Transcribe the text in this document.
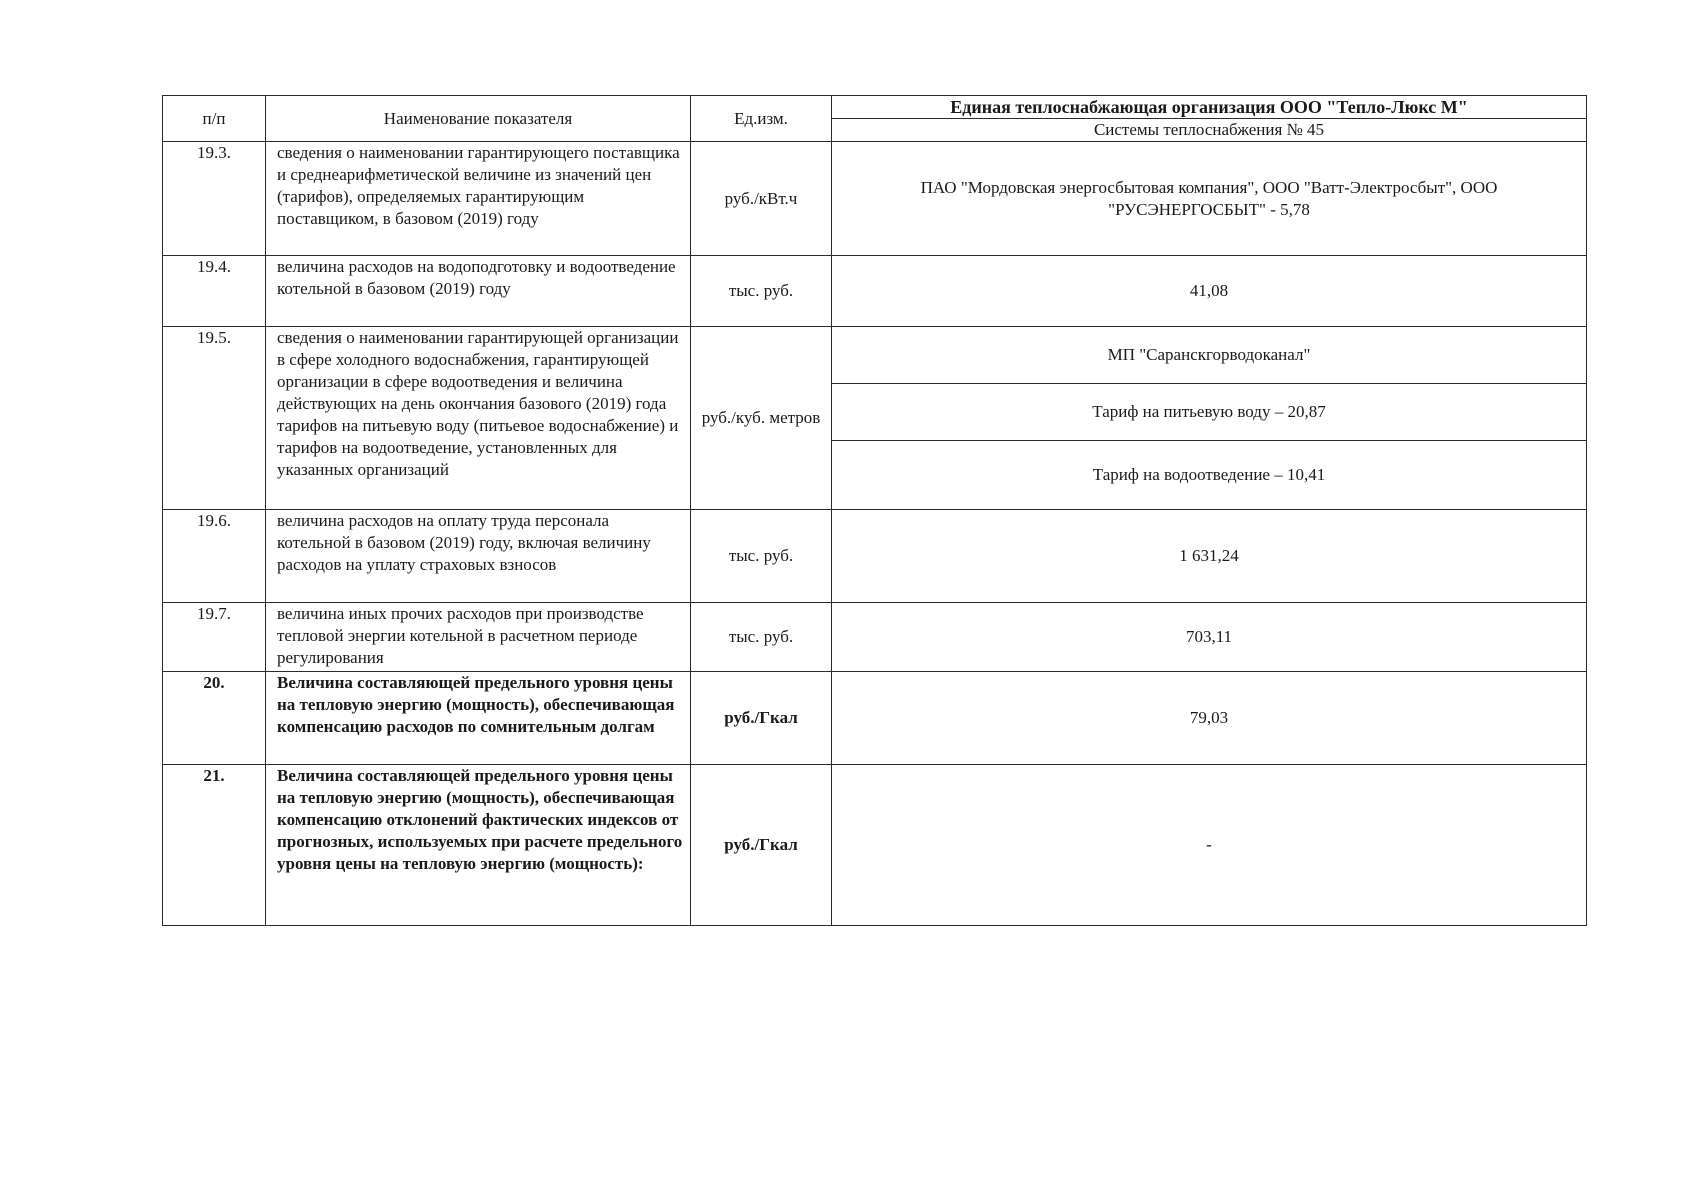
п/п	Наименование показателя	Ед.изм.	Единая теплоснабжающая организация ООО "Тепло-Люкс М"
			Системы теплоснабжения № 45
19.3.	сведения о наименовании гарантирующего поставщика и среднеарифметической величине из значений цен (тарифов), определяемых гарантирующим поставщиком, в базовом (2019) году	руб./кВт.ч	ПАО "Мордовская энергосбытовая компания", ООО "Ватт-Электросбыт", ООО "РУСЭНЕРГОСБЫТ" - 5,78
19.4.	величина расходов на водоподготовку и водоотведение котельной в базовом (2019) году	тыс. руб.	41,08
19.5.	сведения о наименовании гарантирующей организации в сфере холодного водоснабжения, гарантирующей организации в сфере водоотведения и величина действующих на день окончания базового (2019) года тарифов на питьевую воду (питьевое водоснабжение) и тарифов на водоотведение, установленных для указанных организаций	руб./куб. метров	МП "Саранскгорводоканал"
			Тариф на питьевую воду – 20,87
			Тариф на водоотведение – 10,41
19.6.	величина расходов на оплату труда персонала котельной в базовом (2019) году, включая величину расходов на уплату страховых взносов	тыс. руб.	1 631,24
19.7.	величина иных прочих расходов при производстве тепловой энергии котельной в расчетном периоде регулирования	тыс. руб.	703,11
20.	Величина составляющей предельного уровня цены на тепловую энергию (мощность), обеспечивающая компенсацию расходов по сомнительным долгам	руб./Гкал	79,03
21.	Величина составляющей предельного уровня цены на тепловую энергию (мощность), обеспечивающая компенсацию отклонений фактических индексов от прогнозных, используемых при расчете предельного уровня цены на тепловую энергию (мощность):	руб./Гкал	-
